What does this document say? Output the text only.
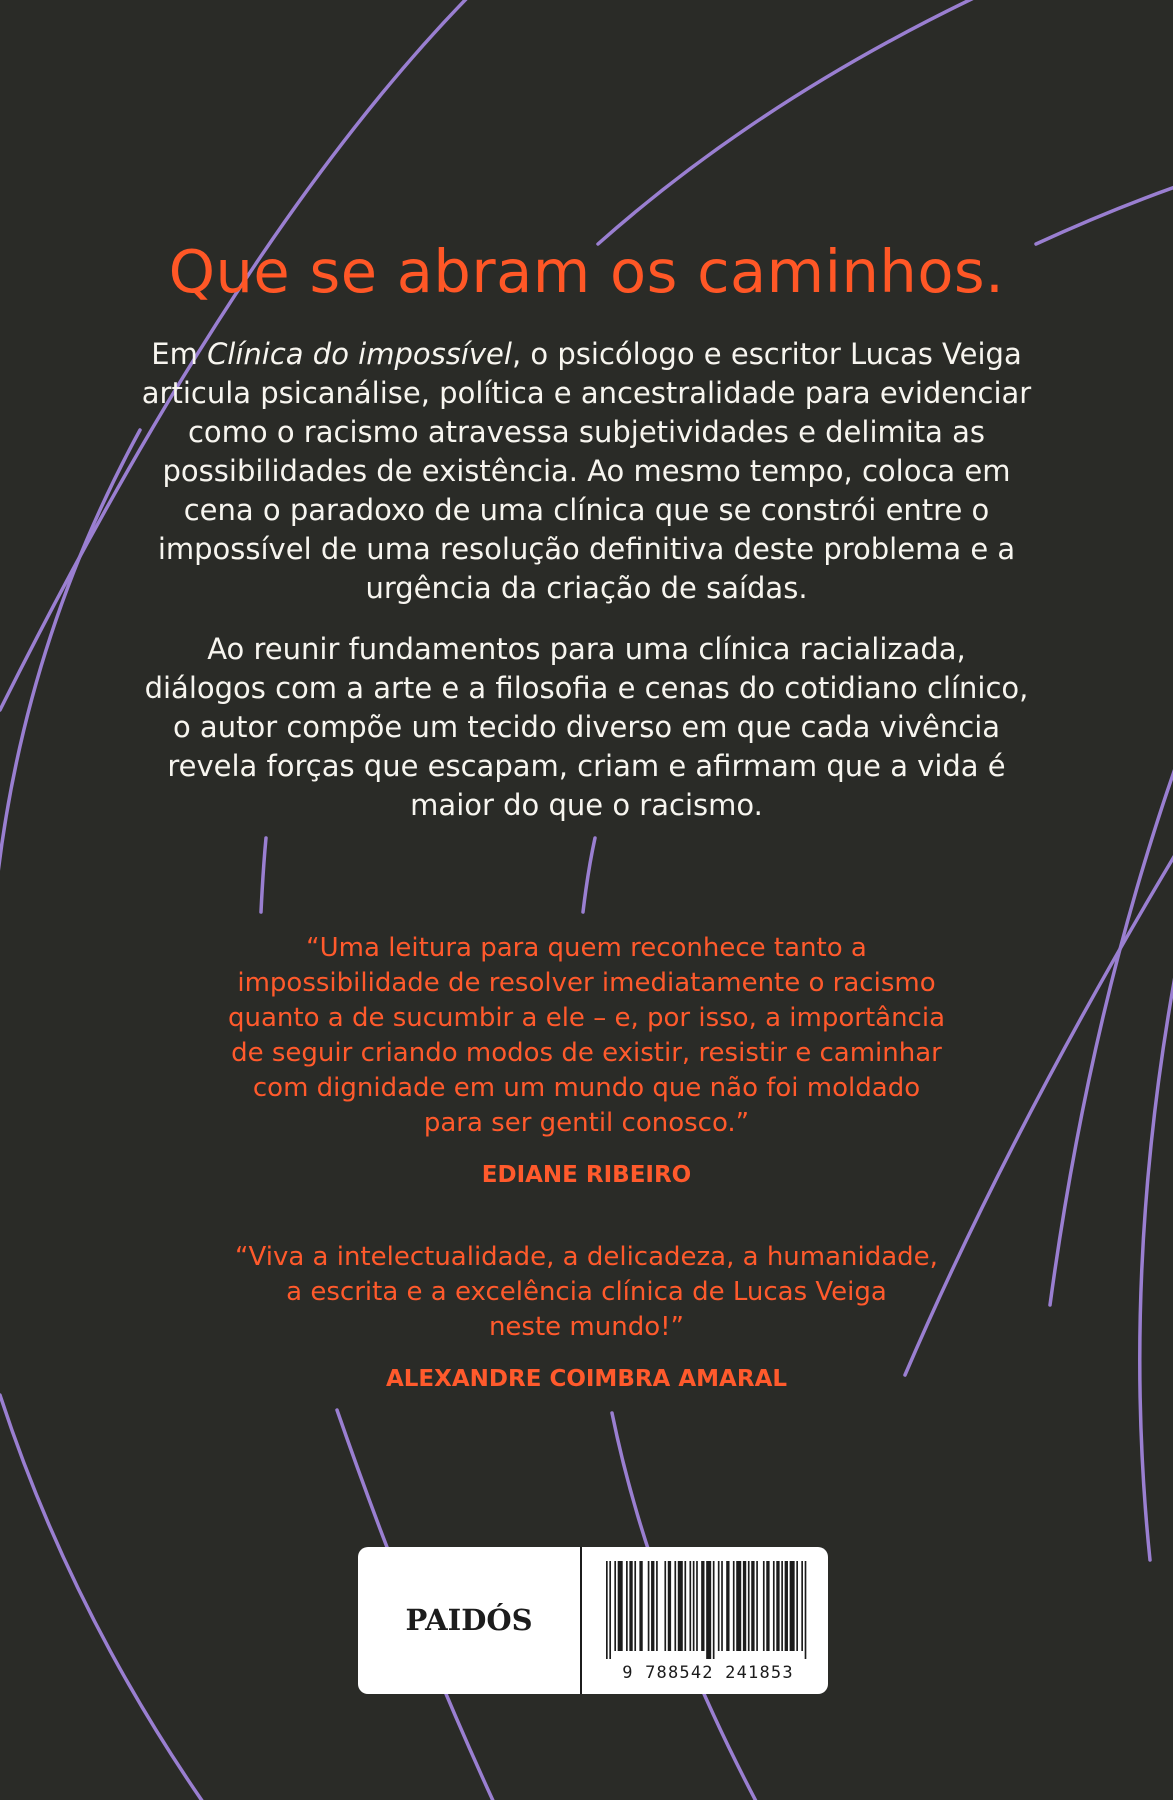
Que se abram os caminhos.

Em Clínica do impossível, o psicólogo e escritor Lucas Veiga
articula psicanálise, política e ancestralidade para evidenciar
como o racismo atravessa subjetividades e delimita as
possibilidades de existência. Ao mesmo tempo, coloca em
cena o paradoxo de uma clínica que se constrói entre o
impossível de uma resolução definitiva deste problema e a
urgência da criação de saídas.

Ao reunir fundamentos para uma clínica racializada,
diálogos com a arte e a filosofia e cenas do cotidiano clínico,
o autor compõe um tecido diverso em que cada vivência
revela forças que escapam, criam e afirmam que a vida é
maior do que o racismo.

“Uma leitura para quem reconhece tanto a
impossibilidade de resolver imediatamente o racismo
quanto a de sucumbir a ele – e, por isso, a importância
de seguir criando modos de existir, resistir e caminhar
com dignidade em um mundo que não foi moldado
para ser gentil conosco.”

EDIANE RIBEIRO

“Viva a intelectualidade, a delicadeza, a humanidade,
a escrita e a excelência clínica de Lucas Veiga
neste mundo!”

ALEXANDRE COIMBRA AMARAL

PAIDÓS

9 788542 241853
